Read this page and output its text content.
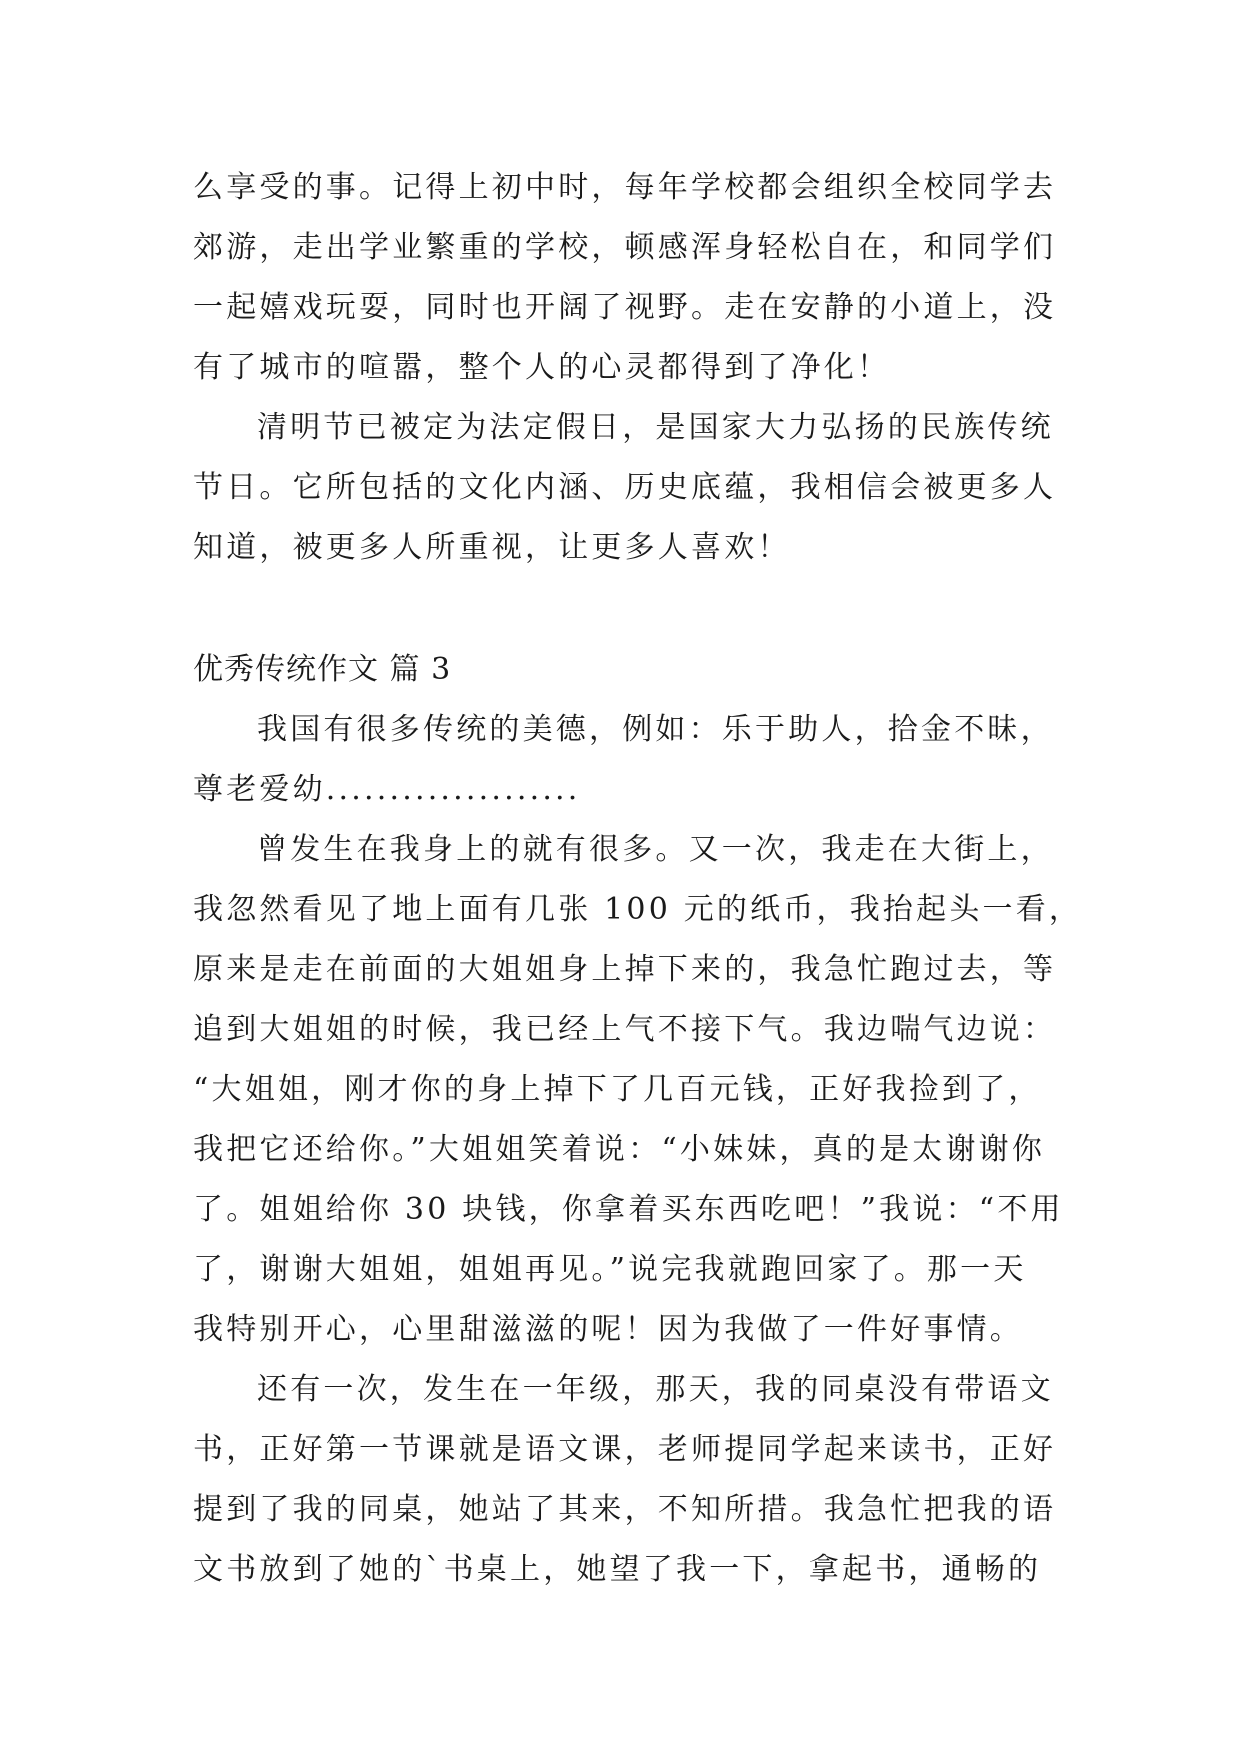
么享受的事。记得上初中时，每年学校都会组织全校同学去
郊游，走出学业繁重的学校，顿感浑身轻松自在，和同学们
一起嬉戏玩耍，同时也开阔了视野。走在安静的小道上，没
有了城市的喧嚣，整个人的心灵都得到了净化！
清明节已被定为法定假日，是国家大力弘扬的民族传统
节日。它所包括的文化内涵、历史底蕴，我相信会被更多人
知道，被更多人所重视，让更多人喜欢！
优秀传统作文 篇 3
我国有很多传统的美德，例如：乐于助人，拾金不昧，
尊老爱幼....................
曾发生在我身上的就有很多。又一次，我走在大街上，
我忽然看见了地上面有几张 100 元的纸币，我抬起头一看，
原来是走在前面的大姐姐身上掉下来的，我急忙跑过去，等
追到大姐姐的时候，我已经上气不接下气。我边喘气边说：
“大姐姐，刚才你的身上掉下了几百元钱，正好我捡到了，
我把它还给你。”大姐姐笑着说：“小妹妹，真的是太谢谢你
了。姐姐给你 30 块钱，你拿着买东西吃吧！”我说：“不用
了，谢谢大姐姐，姐姐再见。”说完我就跑回家了。那一天
我特别开心，心里甜滋滋的呢！因为我做了一件好事情。
还有一次，发生在一年级，那天，我的同桌没有带语文
书，正好第一节课就是语文课，老师提同学起来读书，正好
提到了我的同桌，她站了其来，不知所措。我急忙把我的语
文书放到了她的`书桌上，她望了我一下，拿起书，通畅的
